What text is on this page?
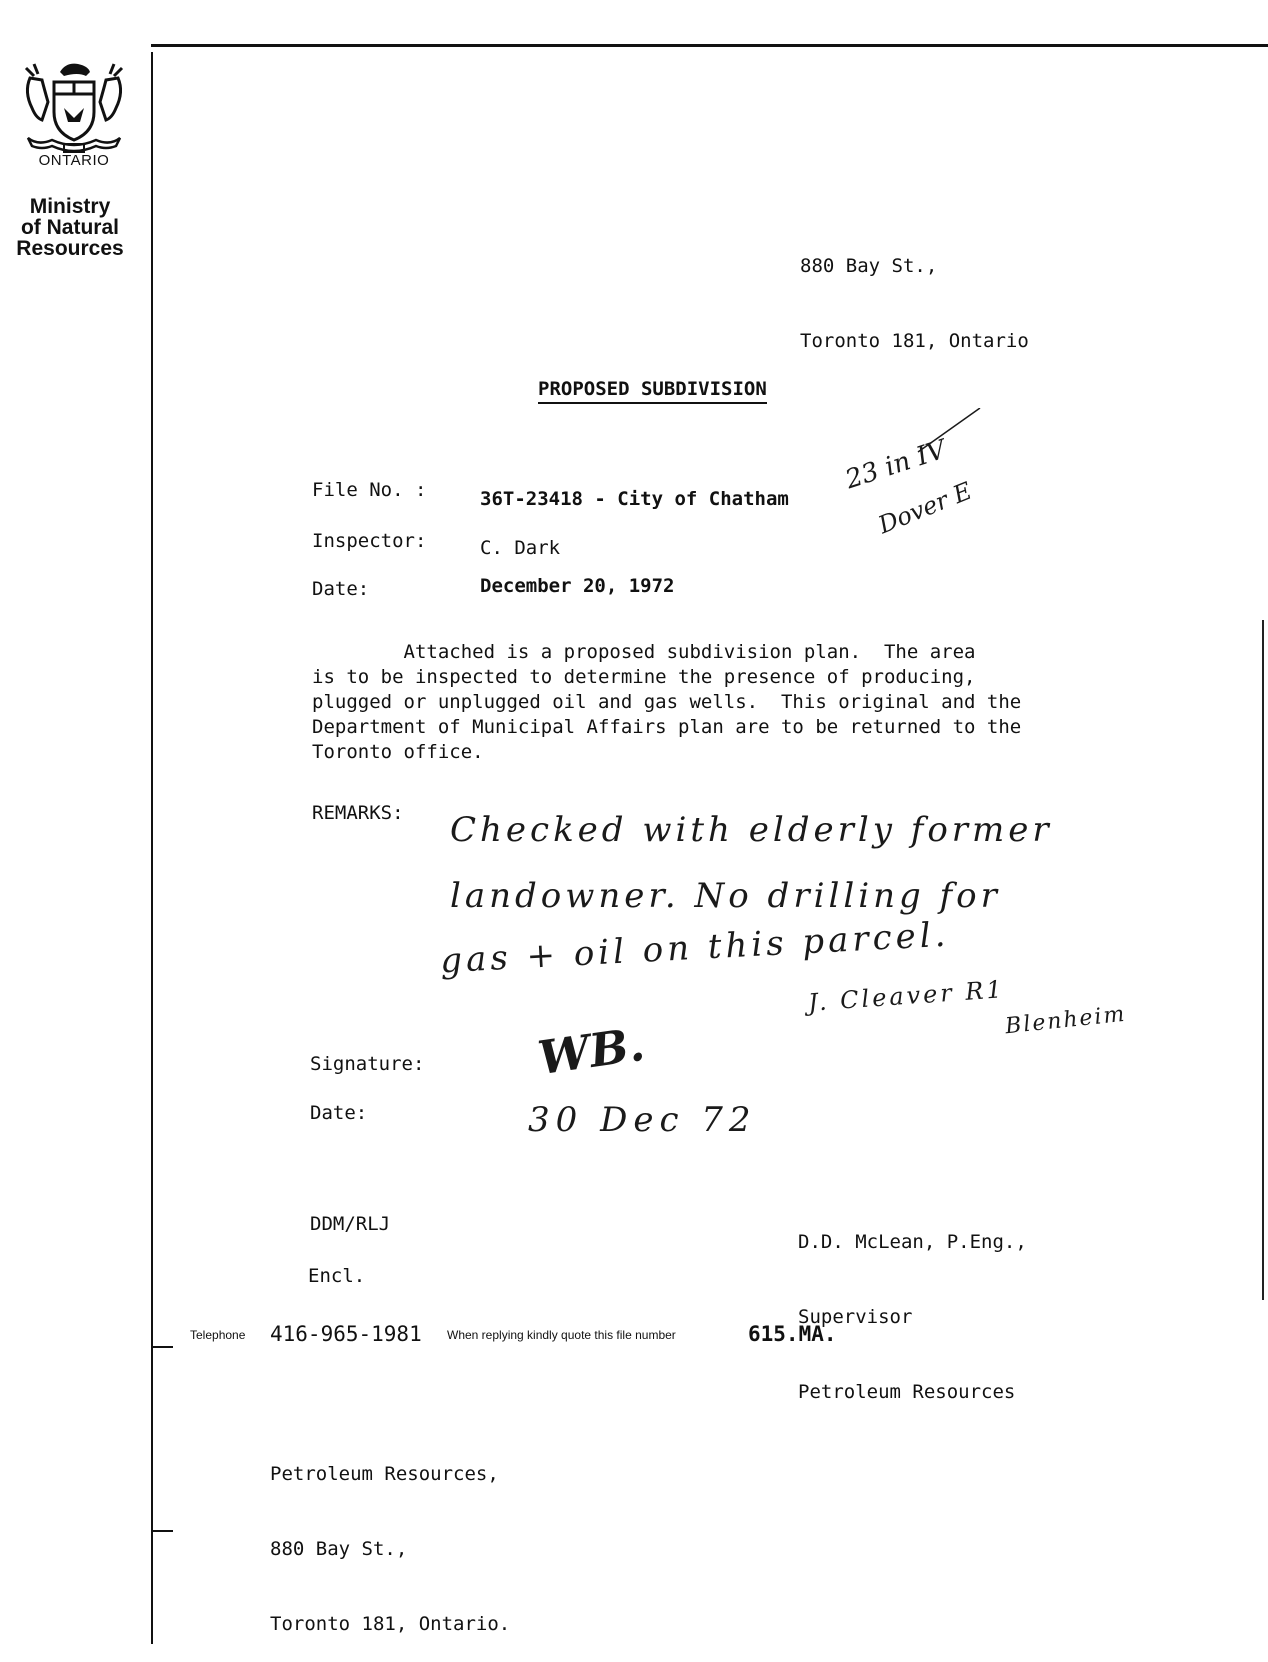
ONTARIO
Ministry
of Natural
Resources

880 Bay St.,

Toronto 181, Ontario

PROPOSED SUBDIVISION
File No. :	36T-23418 - City of Chatham
Inspector:	C. Dark
Date:	December 20, 1972
23 in IV
Dover E
Attached is a proposed subdivision plan.  The area
is to be inspected to determine the presence of producing,
plugged or unplugged oil and gas wells.  This original and the
Department of Municipal Affairs plan are to be returned to the
Toronto office.
REMARKS: Checked with elderly former
landowner. No drilling for
gas + oil on this parcel.
J. Cleaver R1
Blenheim
Signature: WB.
Date:	30 Dec 72

D.D. McLean, P.Eng.,

Supervisor

Petroleum Resources

DDM/RLJ
Encl.
Telephone 416-965-1981 When replying kindly quote this file number	615.MA.

Petroleum Resources,

880 Bay St.,

Toronto 181, Ontario.
